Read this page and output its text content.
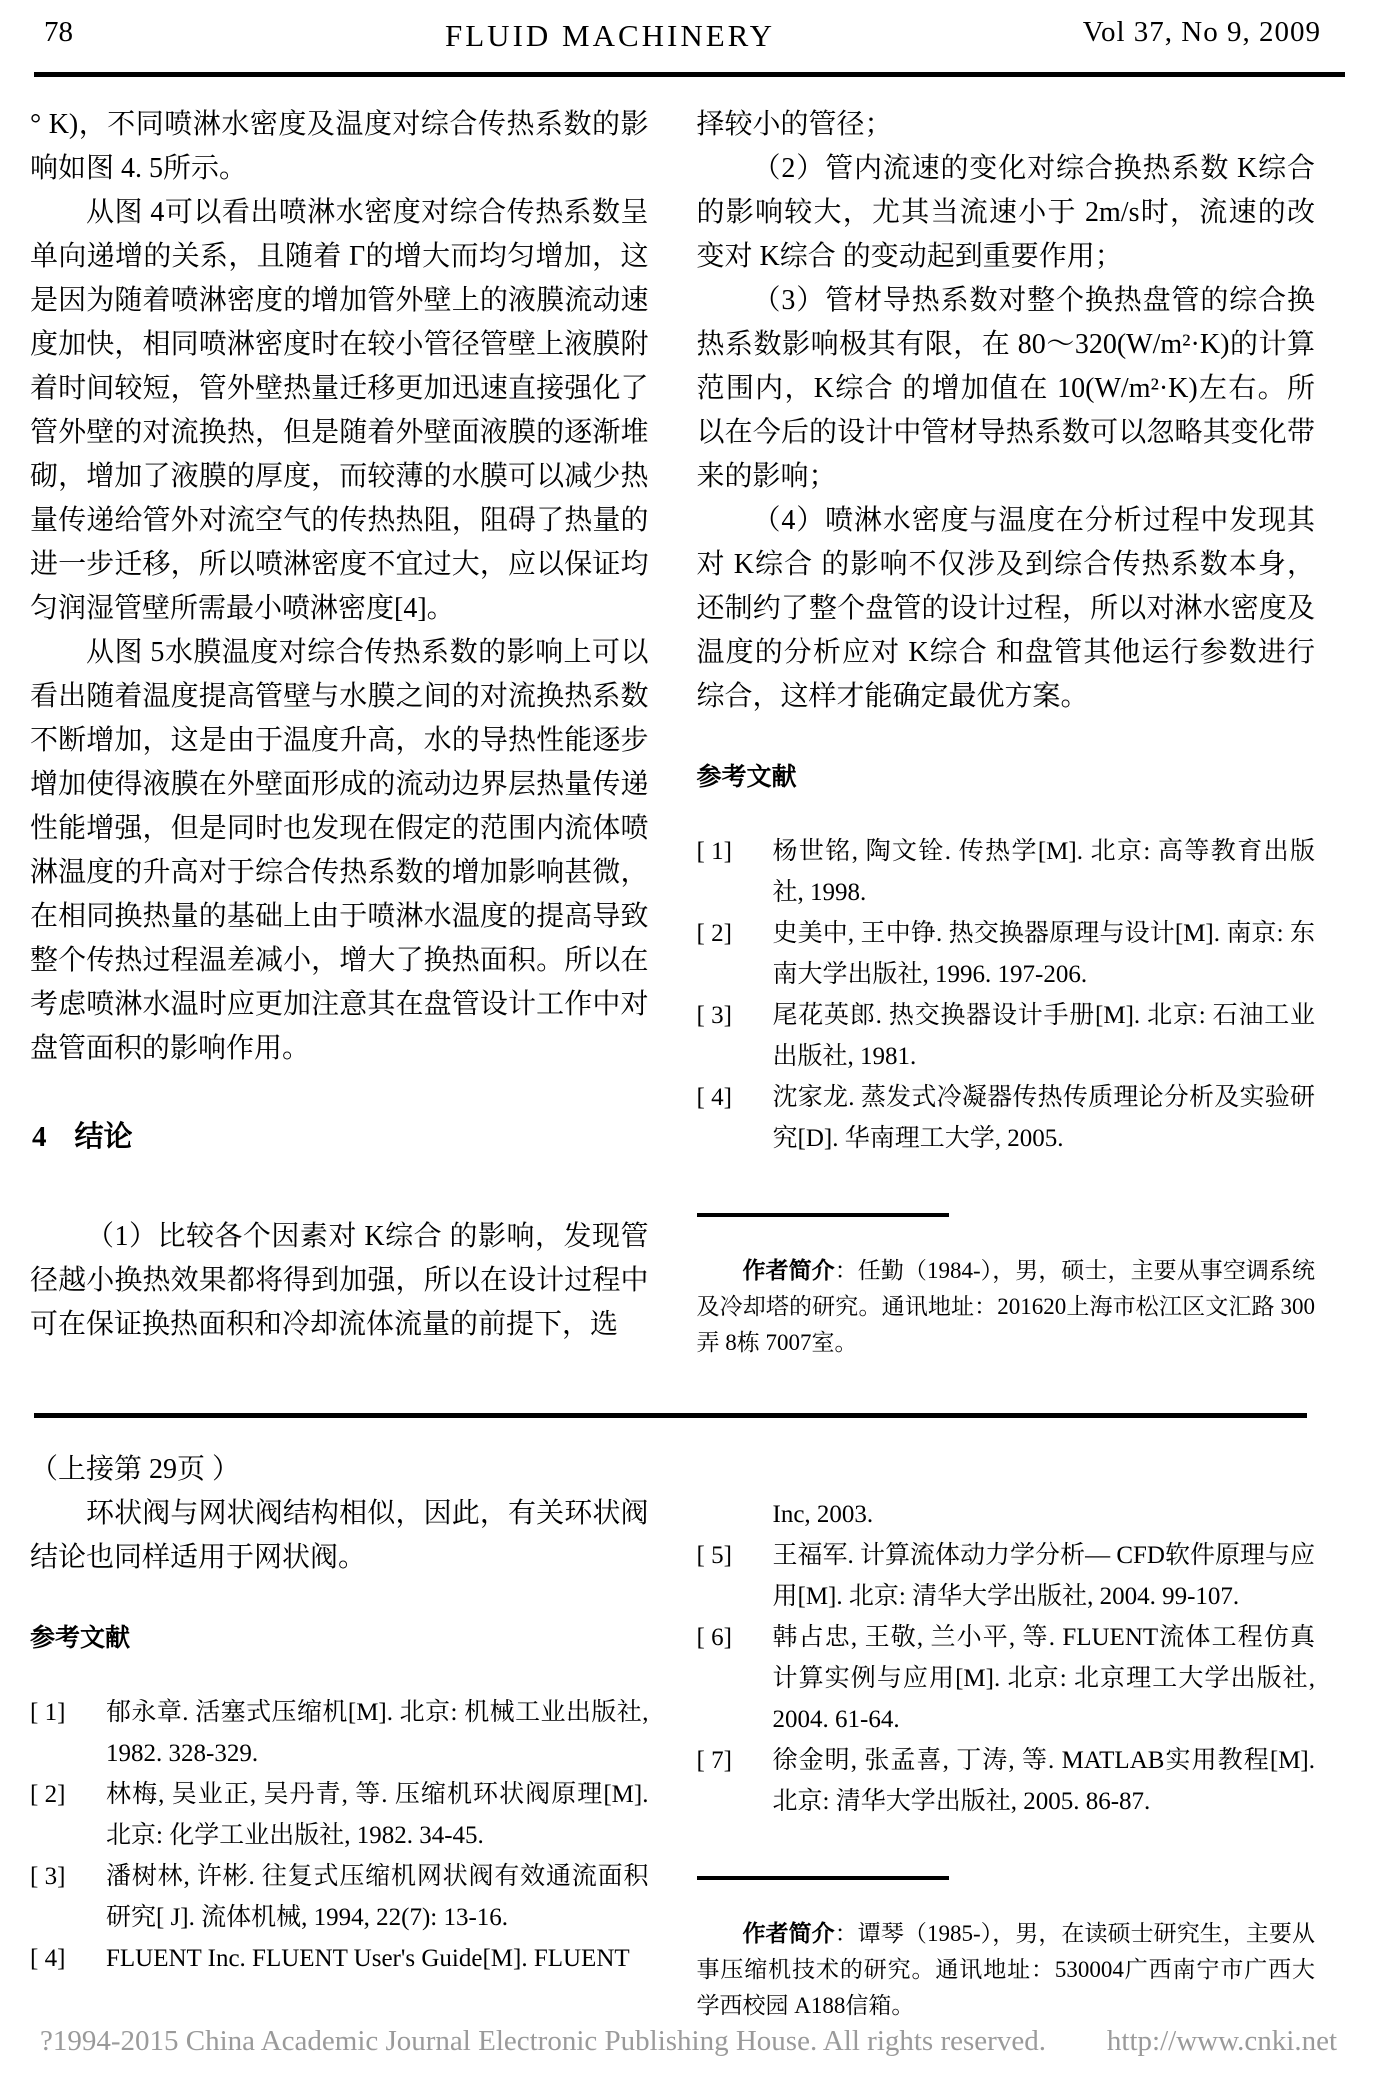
78	FLUID MACHINERY	Vol 37, No 9, 2009

° K)，不同喷淋水密度及温度对综合传热系数的影响如图 4. 5所示。

从图 4可以看出喷淋水密度对综合传热系数呈单向递增的关系，且随着 Γ的增大而均匀增加，这是因为随着喷淋密度的增加管外壁上的液膜流动速度加快，相同喷淋密度时在较小管径管壁上液膜附着时间较短，管外壁热量迁移更加迅速直接强化了管外壁的对流换热，但是随着外壁面液膜的逐渐堆砌，增加了液膜的厚度，而较薄的水膜可以减少热量传递给管外对流空气的传热热阻，阻碍了热量的进一步迁移，所以喷淋密度不宜过大，应以保证均匀润湿管壁所需最小喷淋密度[4]。

从图 5水膜温度对综合传热系数的影响上可以看出随着温度提高管壁与水膜之间的对流换热系数不断增加，这是由于温度升高，水的导热性能逐步增加使得液膜在外壁面形成的流动边界层热量传递性能增强，但是同时也发现在假定的范围内流体喷淋温度的升高对于综合传热系数的增加影响甚微，在相同换热量的基础上由于喷淋水温度的提高导致整个传热过程温差减小，增大了换热面积。所以在考虑喷淋水温时应更加注意其在盘管设计工作中对盘管面积的影响作用。

4 结论

（1）比较各个因素对 K综合 的影响，发现管径越小换热效果都将得到加强，所以在设计过程中可在保证换热面积和冷却流体流量的前提下，选

择较小的管径；

（2）管内流速的变化对综合换热系数 K综合 的影响较大，尤其当流速小于 2m/s时，流速的改变对 K综合 的变动起到重要作用；

（3）管材导热系数对整个换热盘管的综合换热系数影响极其有限，在 80～320(W/m²·K)的计算范围内，K综合 的增加值在 10(W/m²·K)左右。所以在今后的设计中管材导热系数可以忽略其变化带来的影响；

（4）喷淋水密度与温度在分析过程中发现其对 K综合 的影响不仅涉及到综合传热系数本身，还制约了整个盘管的设计过程，所以对淋水密度及温度的分析应对 K综合 和盘管其他运行参数进行综合，这样才能确定最优方案。

参考文献
[ 1]	杨世铭, 陶文铨. 传热学[M]. 北京: 高等教育出版社, 1998.
[ 2]	史美中, 王中铮. 热交换器原理与设计[M]. 南京: 东南大学出版社, 1996. 197-206.
[ 3]	尾花英郎. 热交换器设计手册[M]. 北京: 石油工业出版社, 1981.
[ 4]	沈家龙. 蒸发式冷凝器传热传质理论分析及实验研究[D]. 华南理工大学, 2005.

作者简介：任勤（1984-），男，硕士，主要从事空调系统及冷却塔的研究。通讯地址：201620上海市松江区文汇路 300弄 8栋 7007室。

（上接第 29页 ）

环状阀与网状阀结构相似，因此，有关环状阀结论也同样适用于网状阀。

参考文献
[ 1]	郁永章. 活塞式压缩机[M]. 北京: 机械工业出版社, 1982. 328-329.
[ 2]	林梅, 吴业正, 吴丹青, 等. 压缩机环状阀原理[M]. 北京: 化学工业出版社, 1982. 34-45.
[ 3]	潘树林, 许彬. 往复式压缩机网状阀有效通流面积研究[ J]. 流体机械, 1994, 22(7): 13-16.
[ 4]	FLUENT Inc. FLUENT User's Guide[M]. FLUENT

Inc, 2003.

[ 5]	王福军. 计算流体动力学分析— CFD软件原理与应用[M]. 北京: 清华大学出版社, 2004. 99-107.
[ 6]	韩占忠, 王敬, 兰小平, 等. FLUENT流体工程仿真计算实例与应用[M]. 北京: 北京理工大学出版社, 2004. 61-64.
[ 7]	徐金明, 张孟喜, 丁涛, 等. MATLAB实用教程[M]. 北京: 清华大学出版社, 2005. 86-87.

作者简介：谭琴（1985-），男，在读硕士研究生，主要从事压缩机技术的研究。通讯地址：530004广西南宁市广西大学西校园 A188信箱。

?1994-2015 China Academic Journal Electronic Publishing House. All rights reserved. http://www.cnki.net
